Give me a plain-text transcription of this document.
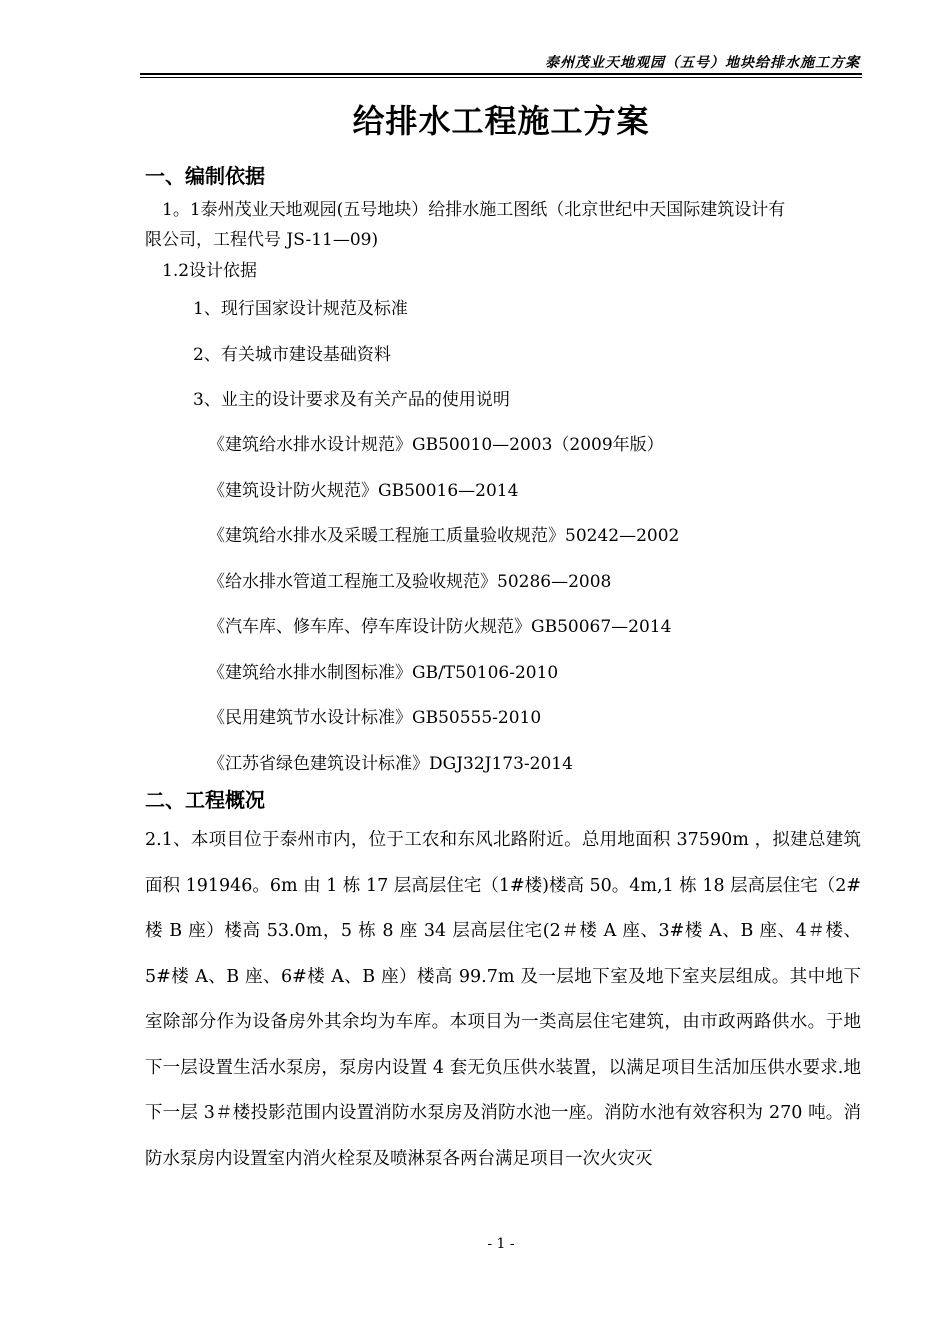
泰州茂业天地观园（五号）地块给排水施工方案
给排水工程施工方案
一、编制依据
1。1泰州茂业天地观园(五号地块）给排水施工图纸（北京世纪中天国际建筑设计有
限公司，工程代号 JS-11—09)
1.2设计依据
1、现行国家设计规范及标准
2、有关城市建设基础资料
3、业主的设计要求及有关产品的使用说明
《建筑给水排水设计规范》GB50010—2003（2009年版）
《建筑设计防火规范》GB50016—2014
《建筑给水排水及采暖工程施工质量验收规范》50242—2002
《给水排水管道工程施工及验收规范》50286—2008
《汽车库、修车库、停车库设计防火规范》GB50067—2014
《建筑给水排水制图标准》GB/T50106-2010
《民用建筑节水设计标准》GB50555-2010
《江苏省绿色建筑设计标准》DGJ32J173-2014
二、工程概况
2.1、本项目位于泰州市内，位于工农和东风北路附近。总用地面积 37590m ，拟建总建筑面积 191946。6m 由 1 栋 17 层高层住宅（1#楼)楼高 50。4m,1 栋 18 层高层住宅（2#楼 B 座）楼高 53.0m，5 栋 8 座 34 层高层住宅(2＃楼 A 座、3#楼 A、B 座、4＃楼、5#楼 A、B 座、6#楼 A、B 座）楼高 99.7m 及一层地下室及地下室夹层组成。其中地下室除部分作为设备房外其余均为车库。本项目为一类高层住宅建筑，由市政两路供水。于地下一层设置生活水泵房，泵房内设置 4 套无负压供水装置，以满足项目生活加压供水要求.地下一层 3＃楼投影范围内设置消防水泵房及消防水池一座。消防水池有效容积为 270 吨。消防水泵房内设置室内消火栓泵及喷淋泵各两台满足项目一次火灾灭
- 1 -
